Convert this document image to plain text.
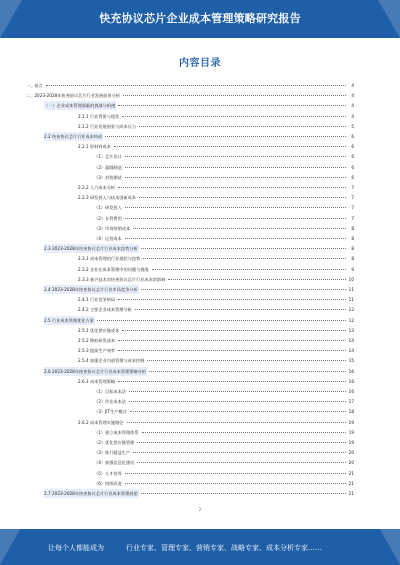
快充协议芯片企业成本管理策略研究报告
内容目录
一、前言	4
二、2023-2028年快充协议芯片行业发展前景分析	4
（一）企业成本管理面临的挑战与机遇	4
2.1.1 行业背景与现状	4
2.1.2 行业发展前景与成本压力	5
2.2 快充协议芯片行业成本构成	6
2.2.1 原材料成本	6
（1）芯片设计	6
（2）晶圆制造	6
（3）封装测试	6
2.2.2 人力成本分析	7
2.2.3 研发投入与技术创新成本	7
（1）研发投入	7
（2）专利费用	7
（3）市场营销成本	8
（4）运营成本	8
2.3 2023-2028年快充协议芯片行业成本趋势分析	8
2.3.1 成本管理的行业现状与趋势	8
2.3.2 企业在成本管理中的问题与挑战	9
2.3.3 新兴技术对快充协议芯片行业成本的影响	10
2.4 2023-2028年快充协议芯片行业市场竞争分析	11
2.4.1 行业竞争格局	11
2.4.2 主要企业成本管理分析	12
2.5 行业成本管理优化方案	12
2.5.1 优化供应链成本	13
2.5.2 降低研发成本	14
2.5.3 提高生产效率	14
2.5.4 加强企业内部管理与成本控制	15
2.6 2023-2028年快充协议芯片行业成本管理策略分析	16
2.6.1 成本管理策略	16
（1）目标成本法	16
（2）作业成本法	17
（3）JIT生产模式	18
2.6.2 成本管理实施路径	19
（1）建立成本管理体系	19
（2）优化供应链管理	19
（3）推行精益生产	20
（4）加强信息化建设	20
（5）人才培养	21
（6）持续改进	21
2.7 2023-2028年快充协议芯片行业成本管理展望	21
2
让每个人都能成为	行业专家、管理专家、营销专家、战略专家、成本分析专家……
